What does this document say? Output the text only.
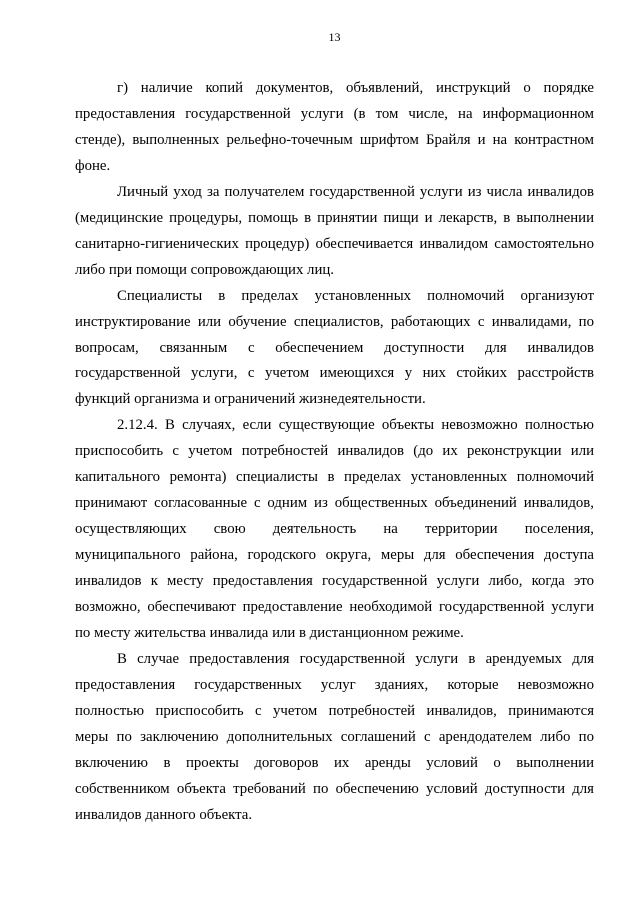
13
г) наличие копий документов, объявлений, инструкций о порядке
предоставления государственной услуги (в том числе, на информационном
стенде), выполненных рельефно-точечным шрифтом Брайля и на контрастном
фоне.
Личный уход за получателем государственной услуги из числа инвалидов
(медицинские процедуры, помощь в принятии пищи и лекарств, в выполнении
санитарно-гигиенических процедур) обеспечивается инвалидом самостоятельно
либо при помощи сопровождающих лиц.
Специалисты в пределах установленных полномочий организуют
инструктирование или обучение специалистов, работающих с инвалидами, по
вопросам, связанным с обеспечением доступности для инвалидов
государственной услуги, с учетом имеющихся у них стойких расстройств
функций организма и ограничений жизнедеятельности.
2.12.4. В случаях, если существующие объекты невозможно полностью
приспособить с учетом потребностей инвалидов (до их реконструкции или
капитального ремонта) специалисты в пределах установленных полномочий
принимают согласованные с одним из общественных объединений инвалидов,
осуществляющих свою деятельность на территории поселения,
муниципального района, городского округа, меры для обеспечения доступа
инвалидов к месту предоставления государственной услуги либо, когда это
возможно, обеспечивают предоставление необходимой государственной услуги
по месту жительства инвалида или в дистанционном режиме.
В случае предоставления государственной услуги в арендуемых для
предоставления государственных услуг зданиях, которые невозможно
полностью приспособить с учетом потребностей инвалидов, принимаются
меры по заключению дополнительных соглашений с арендодателем либо по
включению в проекты договоров их аренды условий о выполнении
собственником объекта требований по обеспечению условий доступности для
инвалидов данного объекта.
